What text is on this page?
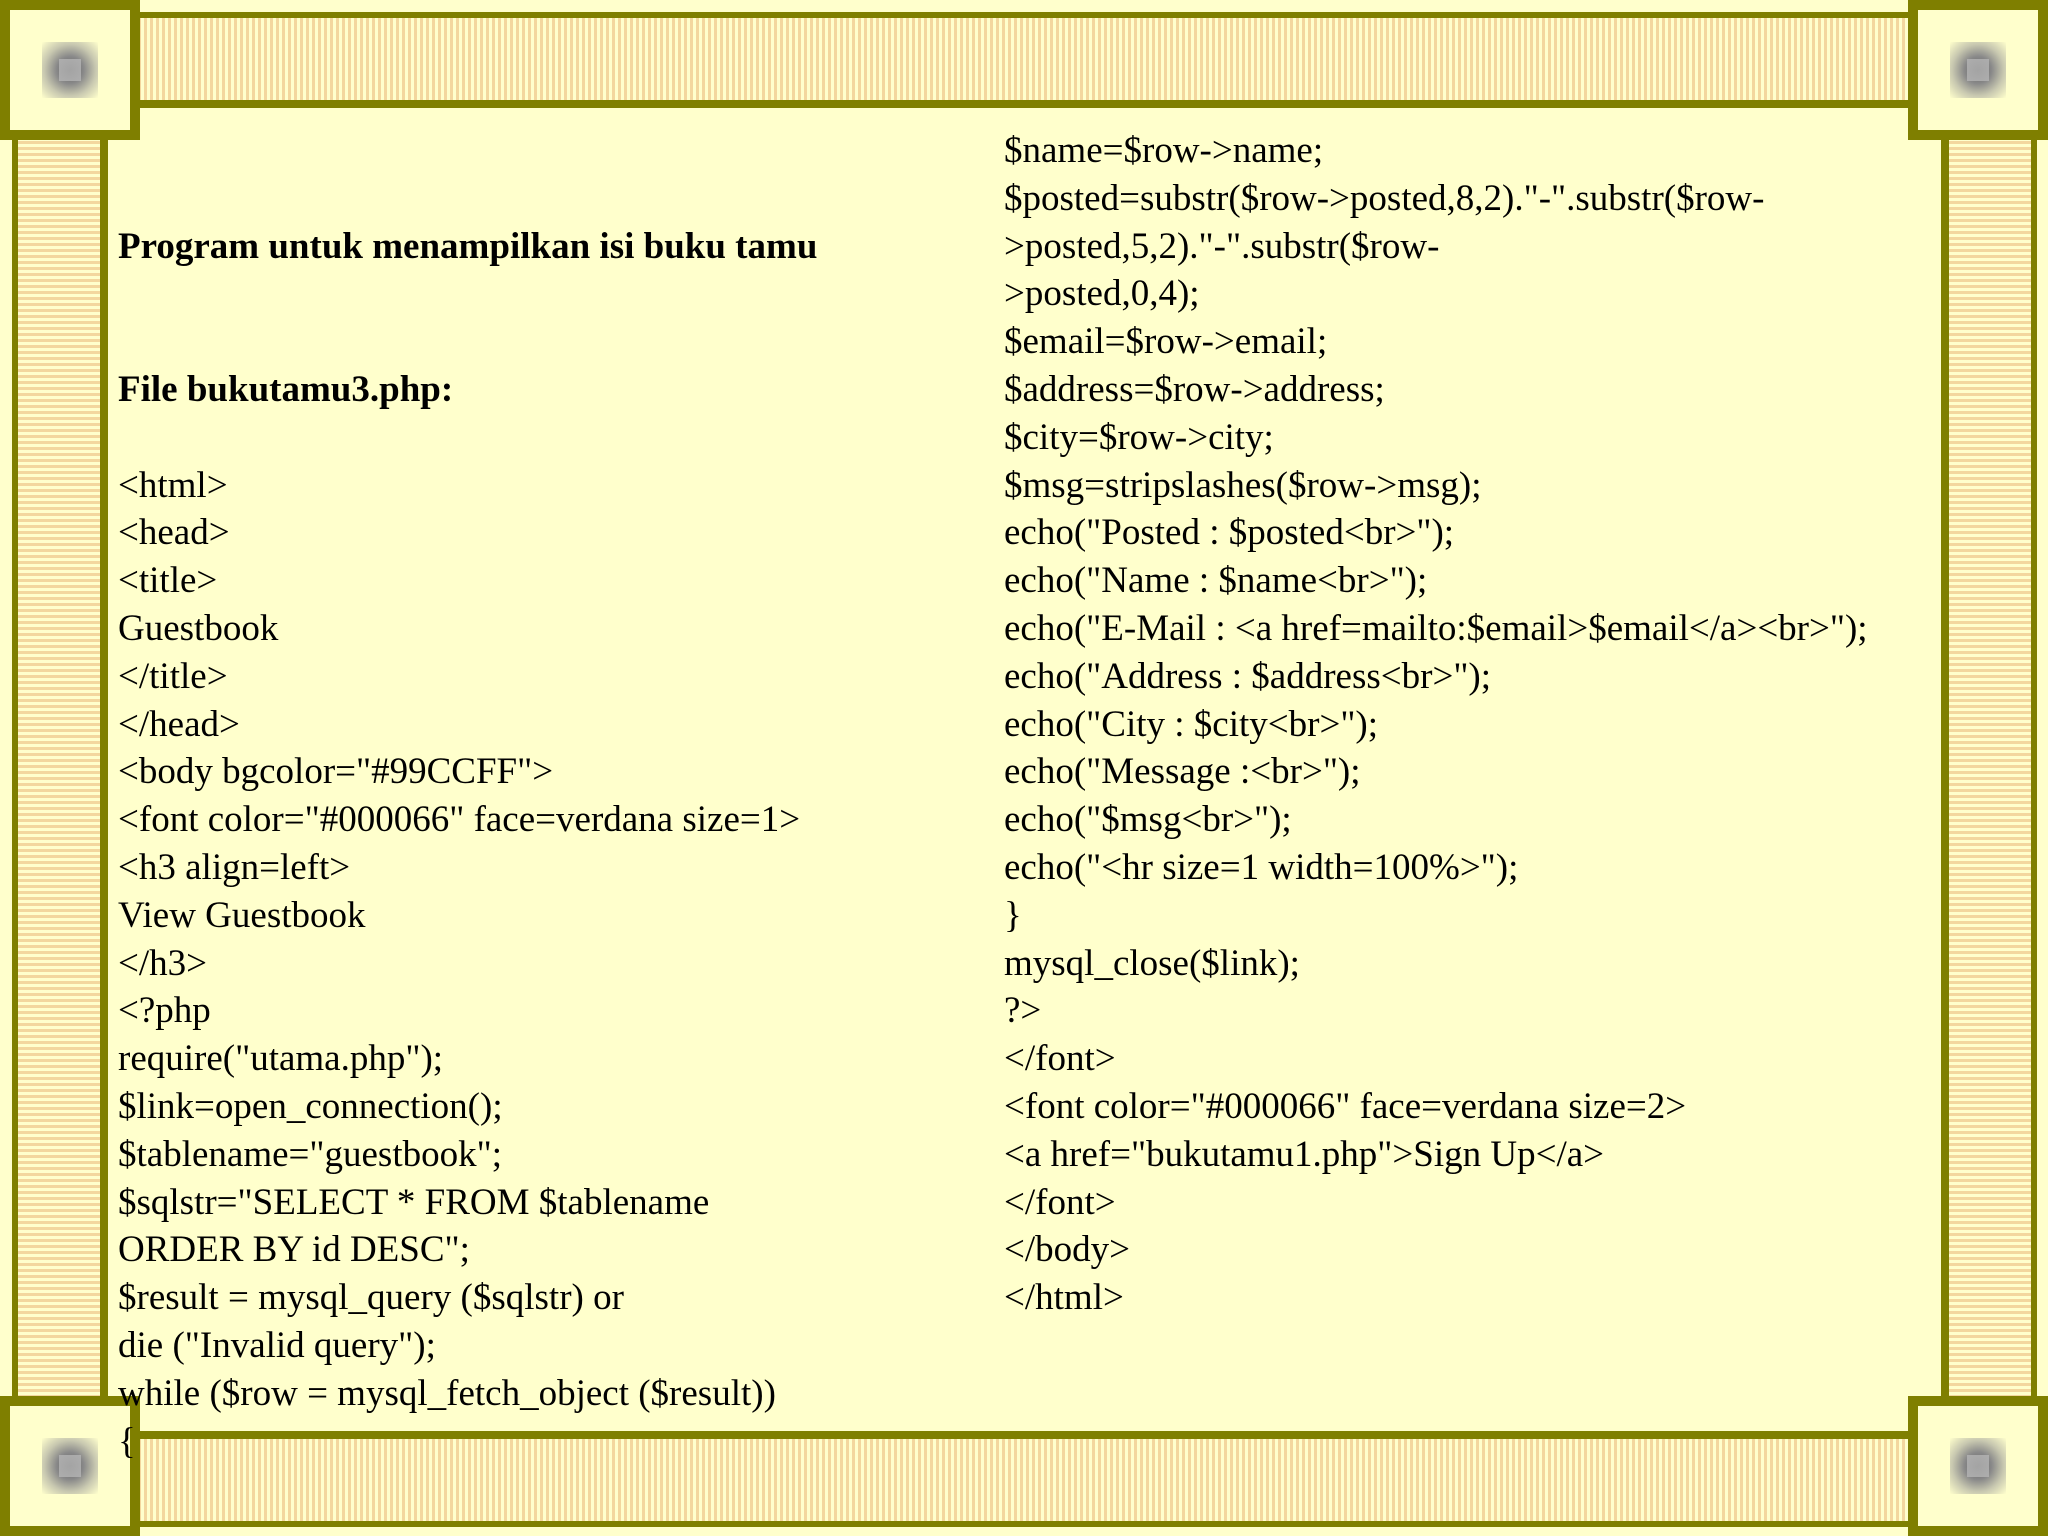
Program untuk menampilkan isi buku tamu

File bukutamu3.php:

<html>
<head>
<title>
Guestbook
</title>
</head>
<body bgcolor="#99CCFF">
<font color="#000066" face=verdana size=1>
<h3 align=left>
View Guestbook
</h3>
<?php
require("utama.php");
$link=open_connection();
$tablename="guestbook";
$sqlstr="SELECT * FROM $tablename
ORDER BY id DESC";
$result = mysql_query ($sqlstr) or
die ("Invalid query");
while ($row = mysql_fetch_object ($result))
{
$name=$row->name;
$posted=substr($row->posted,8,2)."-".substr($row-
>posted,5,2)."-".substr($row-
>posted,0,4);
$email=$row->email;
$address=$row->address;
$city=$row->city;
$msg=stripslashes($row->msg);
echo("Posted : $posted<br>");
echo("Name : $name<br>");
echo("E-Mail : <a href=mailto:$email>$email</a><br>");
echo("Address : $address<br>");
echo("City : $city<br>");
echo("Message :<br>");
echo("$msg<br>");
echo("<hr size=1 width=100%>");
}
mysql_close($link);
?>
</font>
<font color="#000066" face=verdana size=2>
<a href="bukutamu1.php">Sign Up</a>
</font>
</body>
</html>
